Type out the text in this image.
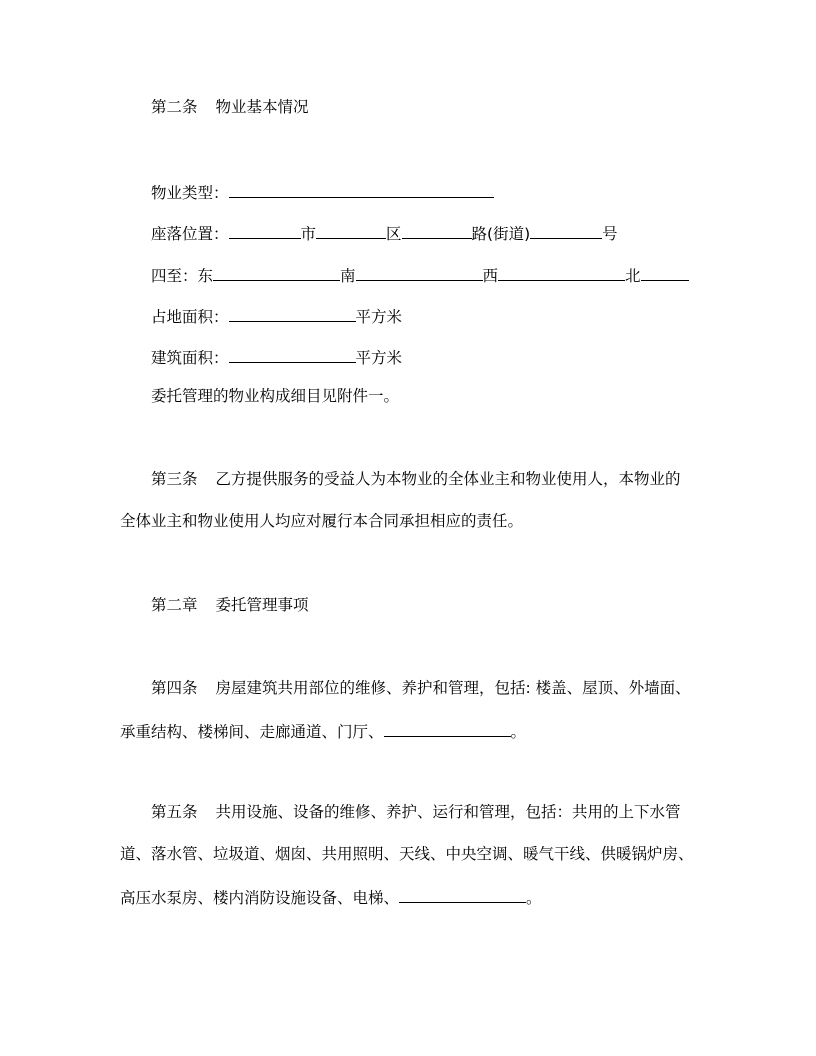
第二条 物业基本情况
物业类型：
座落位置：	市	区	路(街道)	号
四至：东	南	西	北
占地面积：	平方米
建筑面积：	平方米
委托管理的物业构成细目见附件一。
第三条 乙方提供服务的受益人为本物业的全体业主和物业使用人，本物业的
全体业主和物业使用人均应对履行本合同承担相应的责任。
第二章 委托管理事项
第四条 房屋建筑共用部位的维修、养护和管理，包括: 楼盖、屋顶、外墙面、
承重结构、楼梯间、走廊通道、门厅、	。
第五条 共用设施、设备的维修、养护、运行和管理，包括：共用的上下水管
道、落水管、垃圾道、烟囱、共用照明、天线、中央空调、暖气干线、供暖锅炉房、
高压水泵房、楼内消防设施设备、电梯、	。
